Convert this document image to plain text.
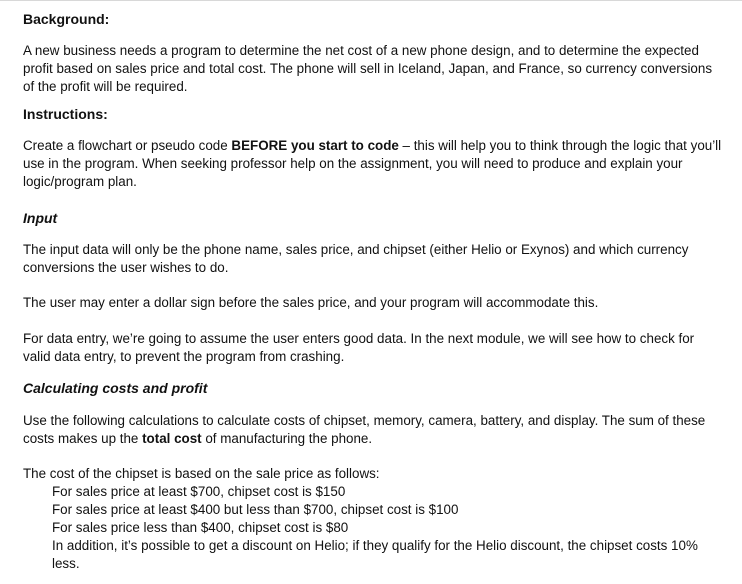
Background:

A new business needs a program to determine the net cost of a new phone design, and to determine the expected profit based on sales price and total cost. The phone will sell in Iceland, Japan, and France, so currency conversions of the profit will be required.

Instructions:

Create a flowchart or pseudo code BEFORE you start to code – this will help you to think through the logic that you’ll use in the program. When seeking professor help on the assignment, you will need to produce and explain your logic/program plan.

Input

The input data will only be the phone name, sales price, and chipset (either Helio or Exynos) and which currency conversions the user wishes to do.

The user may enter a dollar sign before the sales price, and your program will accommodate this.

For data entry, we’re going to assume the user enters good data. In the next module, we will see how to check for valid data entry, to prevent the program from crashing.

Calculating costs and profit

Use the following calculations to calculate costs of chipset, memory, camera, battery, and display. The sum of these costs makes up the total cost of manufacturing the phone.

The cost of the chipset is based on the sale price as follows:

For sales price at least $700, chipset cost is $150

For sales price at least $400 but less than $700, chipset cost is $100

For sales price less than $400, chipset cost is $80

In addition, it’s possible to get a discount on Helio; if they qualify for the Helio discount, the chipset costs 10% less.
